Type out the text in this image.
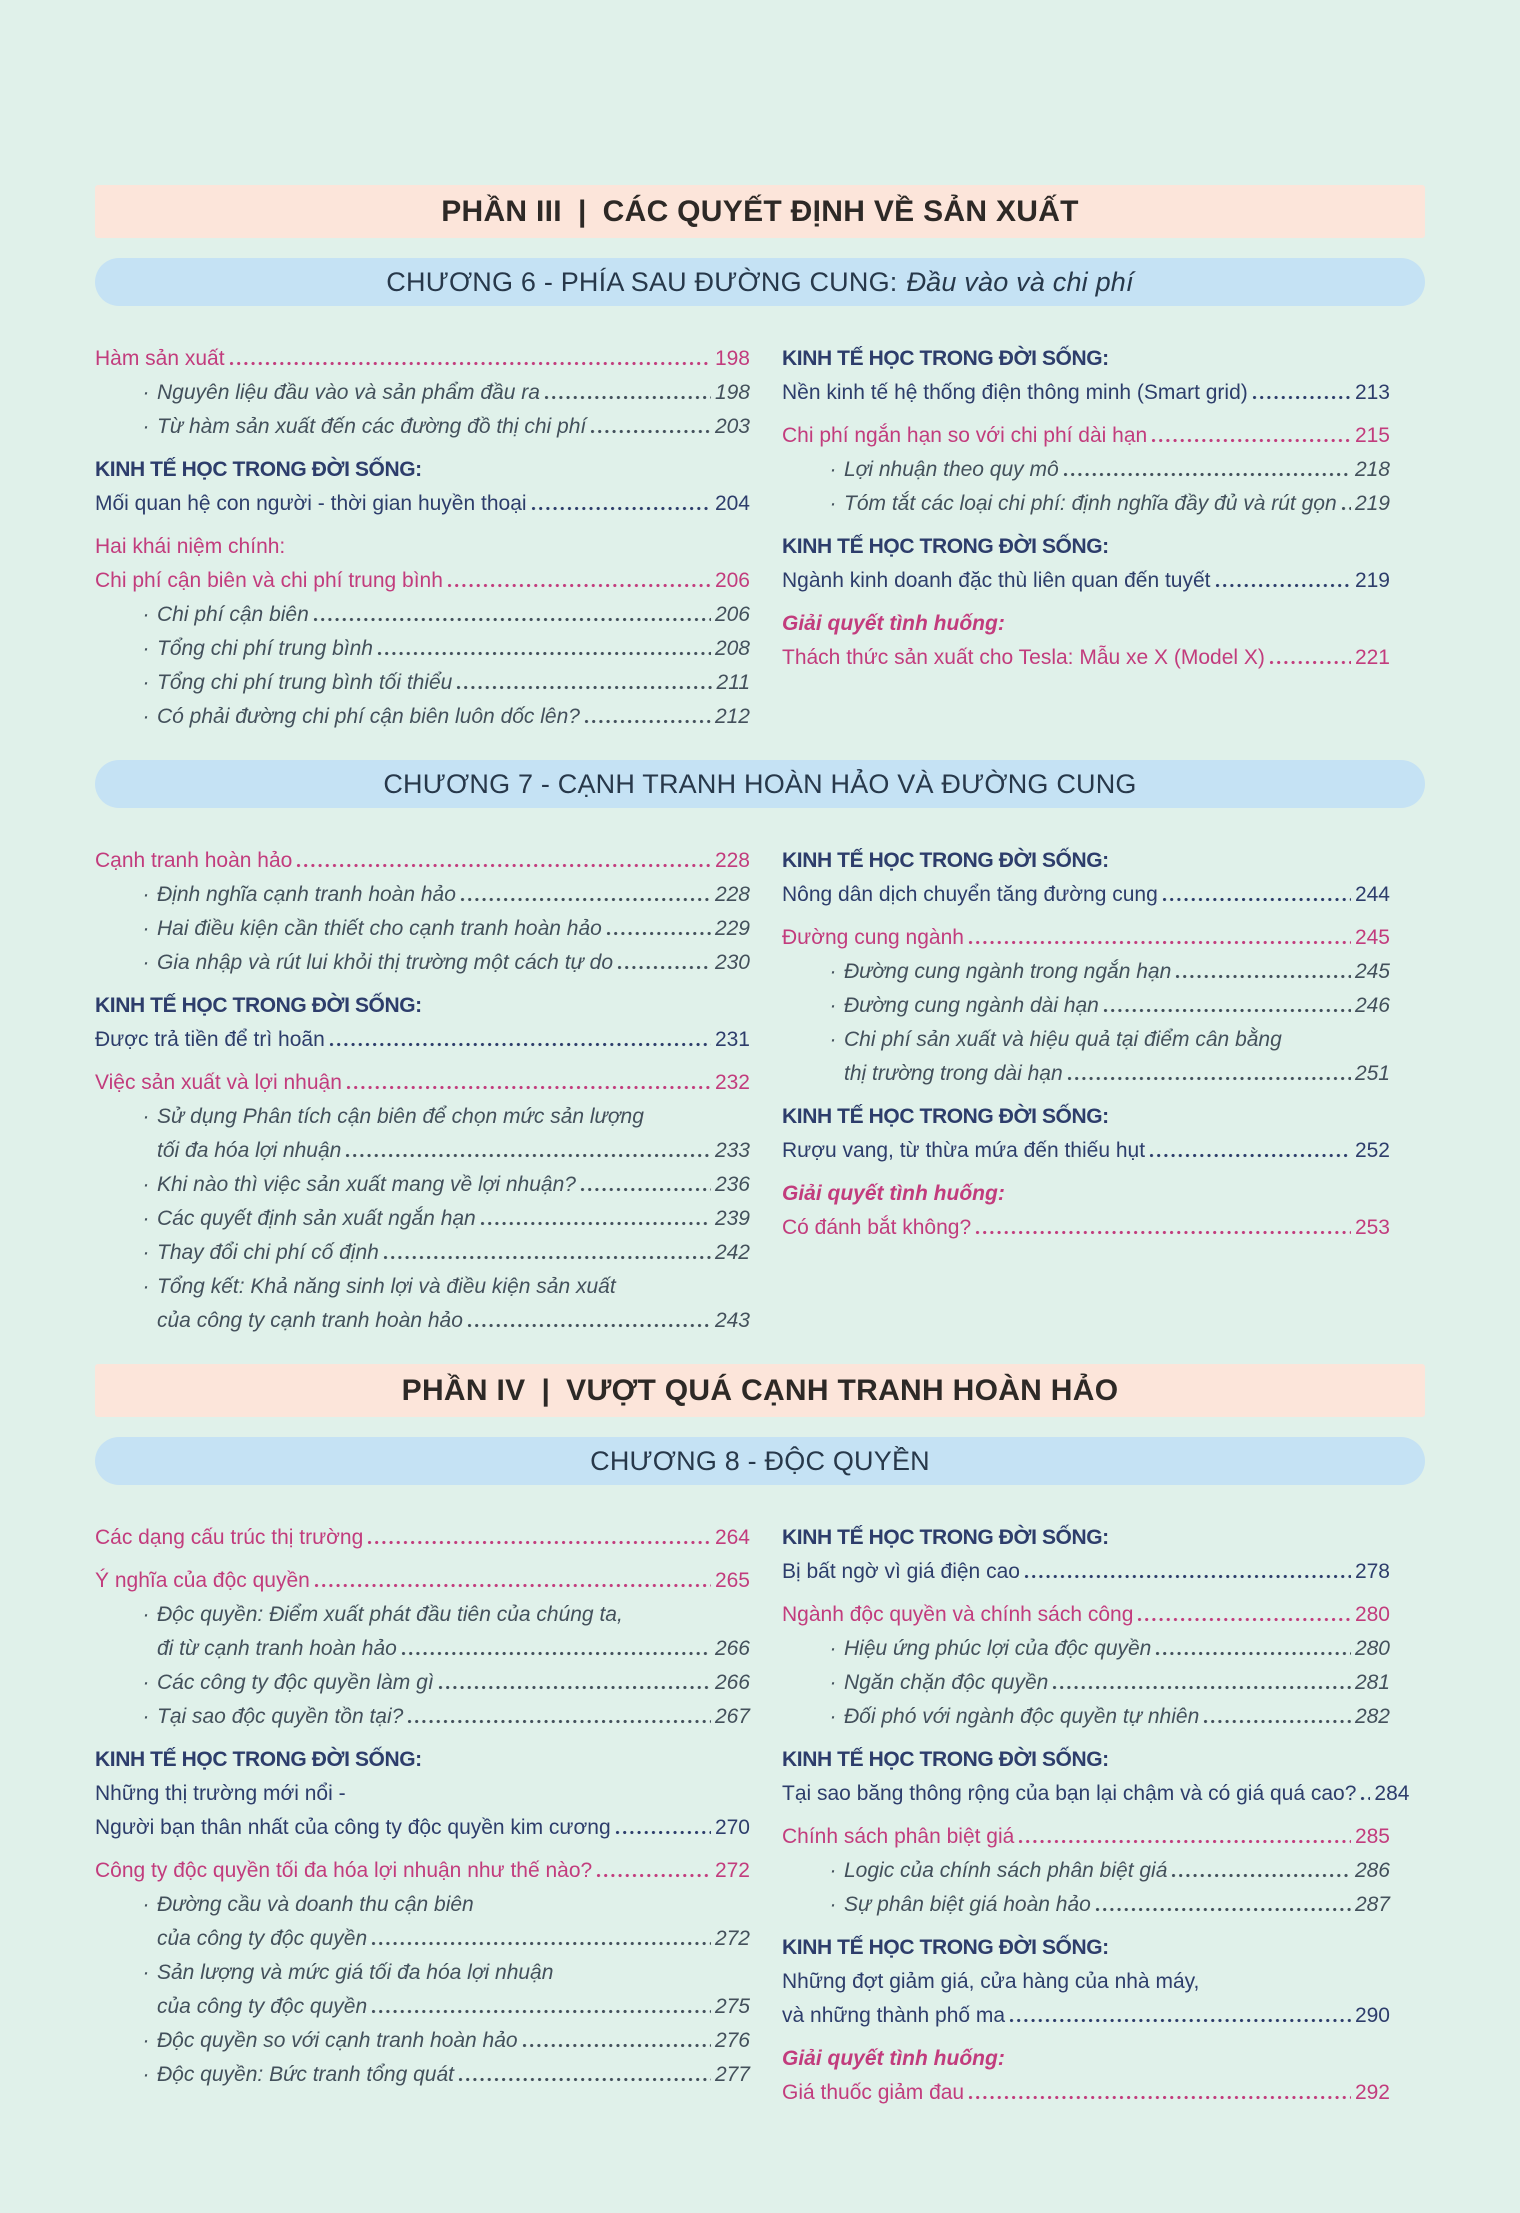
PHẦN III | CÁC QUYẾT ĐỊNH VỀ SẢN XUẤT
CHƯƠNG 6 - PHÍA SAU ĐƯỜNG CUNG: Đầu vào và chi phí
Hàm sản xuất	198
· Nguyên liệu đầu vào và sản phẩm đầu ra	198
· Từ hàm sản xuất đến các đường đồ thị chi phí	203
KINH TẾ HỌC TRONG ĐỜI SỐNG:
Mối quan hệ con người - thời gian huyền thoại	204
Hai khái niệm chính:
Chi phí cận biên và chi phí trung bình	206
· Chi phí cận biên	206
· Tổng chi phí trung bình	208
· Tổng chi phí trung bình tối thiểu	211
· Có phải đường chi phí cận biên luôn dốc lên?	212
KINH TẾ HỌC TRONG ĐỜI SỐNG:
Nền kinh tế hệ thống điện thông minh (Smart grid)	213
Chi phí ngắn hạn so với chi phí dài hạn	215
· Lợi nhuận theo quy mô	218
· Tóm tắt các loại chi phí: định nghĩa đầy đủ và rút gọn 219
KINH TẾ HỌC TRONG ĐỜI SỐNG:
Ngành kinh doanh đặc thù liên quan đến tuyết	219
Giải quyết tình huống:
Thách thức sản xuất cho Tesla: Mẫu xe X (Model X)	221
CHƯƠNG 7 - CẠNH TRANH HOÀN HẢO VÀ ĐƯỜNG CUNG
Cạnh tranh hoàn hảo	228
· Định nghĩa cạnh tranh hoàn hảo	228
· Hai điều kiện cần thiết cho cạnh tranh hoàn hảo	229
· Gia nhập và rút lui khỏi thị trường một cách tự do	230
KINH TẾ HỌC TRONG ĐỜI SỐNG:
Được trả tiền để trì hoãn	231
Việc sản xuất và lợi nhuận	232
· Sử dụng Phân tích cận biên để chọn mức sản lượng
tối đa hóa lợi nhuận	233
· Khi nào thì việc sản xuất mang về lợi nhuận?	236
· Các quyết định sản xuất ngắn hạn	239
· Thay đổi chi phí cố định	242
· Tổng kết: Khả năng sinh lợi và điều kiện sản xuất
của công ty cạnh tranh hoàn hảo	243
KINH TẾ HỌC TRONG ĐỜI SỐNG:
Nông dân dịch chuyển tăng đường cung	244
Đường cung ngành	245
· Đường cung ngành trong ngắn hạn	245
· Đường cung ngành dài hạn	246
· Chi phí sản xuất và hiệu quả tại điểm cân bằng
thị trường trong dài hạn	251
KINH TẾ HỌC TRONG ĐỜI SỐNG:
Rượu vang, từ thừa mứa đến thiếu hụt	252
Giải quyết tình huống:
Có đánh bắt không?	253
PHẦN IV | VƯỢT QUÁ CẠNH TRANH HOÀN HẢO
CHƯƠNG 8 - ĐỘC QUYỀN
Các dạng cấu trúc thị trường	264
Ý nghĩa của độc quyền	265
· Độc quyền: Điểm xuất phát đầu tiên của chúng ta,
đi từ cạnh tranh hoàn hảo	266
· Các công ty độc quyền làm gì	266
· Tại sao độc quyền tồn tại?	267
KINH TẾ HỌC TRONG ĐỜI SỐNG:
Những thị trường mới nổi -
Người bạn thân nhất của công ty độc quyền kim cương	270
Công ty độc quyền tối đa hóa lợi nhuận như thế nào?	272
· Đường cầu và doanh thu cận biên
của công ty độc quyền	272
· Sản lượng và mức giá tối đa hóa lợi nhuận
của công ty độc quyền	275
· Độc quyền so với cạnh tranh hoàn hảo	276
· Độc quyền: Bức tranh tổng quát	277
KINH TẾ HỌC TRONG ĐỜI SỐNG:
Bị bất ngờ vì giá điện cao	278
Ngành độc quyền và chính sách công	280
· Hiệu ứng phúc lợi của độc quyền	280
· Ngăn chặn độc quyền	281
· Đối phó với ngành độc quyền tự nhiên	282
KINH TẾ HỌC TRONG ĐỜI SỐNG:
Tại sao băng thông rộng của bạn lại chậm và có giá quá cao? 284
Chính sách phân biệt giá	285
· Logic của chính sách phân biệt giá	286
· Sự phân biệt giá hoàn hảo	287
KINH TẾ HỌC TRONG ĐỜI SỐNG:
Những đợt giảm giá, cửa hàng của nhà máy,
và những thành phố ma	290
Giải quyết tình huống:
Giá thuốc giảm đau	292
